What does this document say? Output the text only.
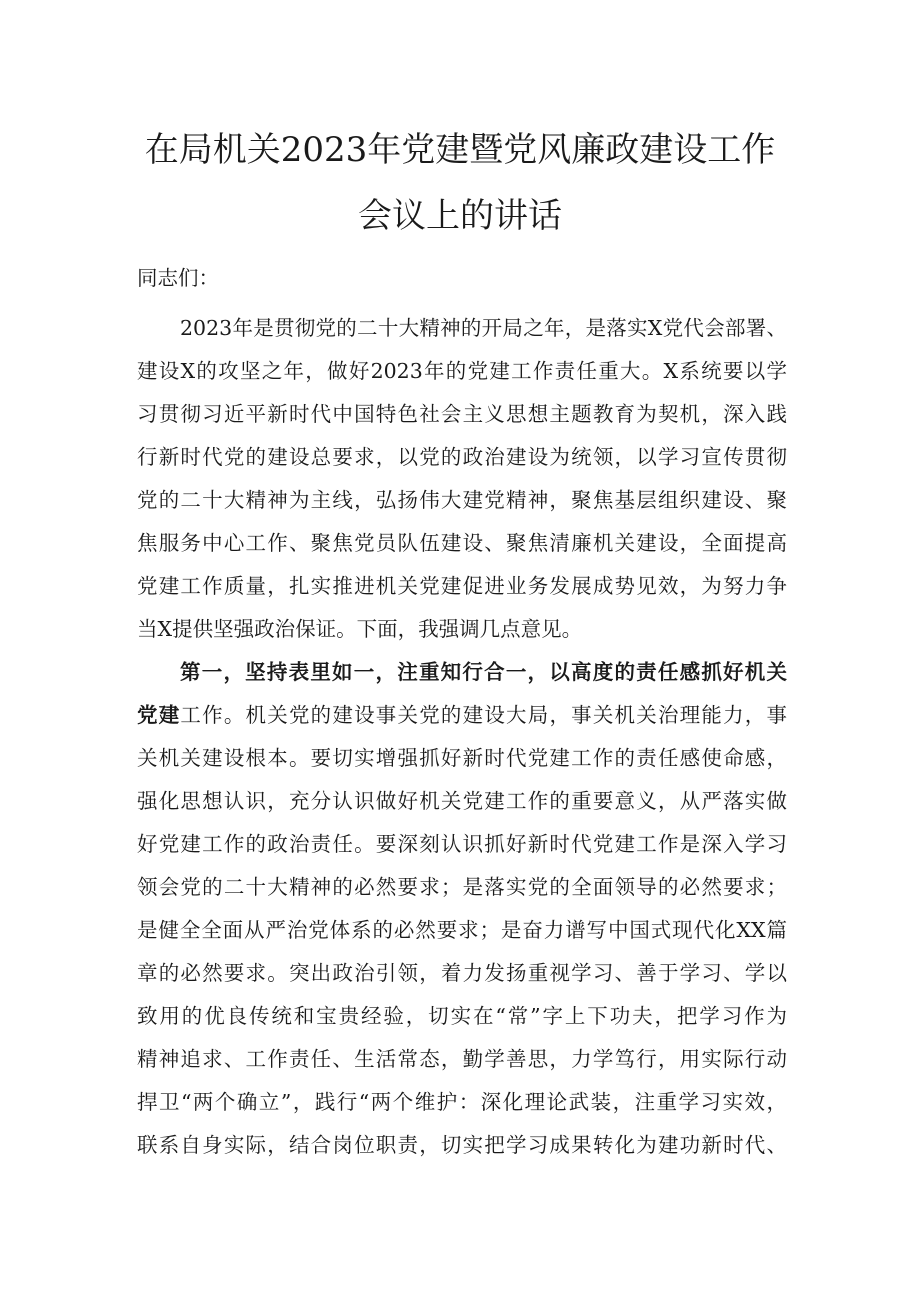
在局机关2023年党建暨党风廉政建设工作
会议上的讲话

同志们：

2023年是贯彻党的二十大精神的开局之年，是落实X党代会部署、

建设X的攻坚之年，做好2023年的党建工作责任重大。X系统要以学

习贯彻习近平新时代中国特色社会主义思想主题教育为契机，深入践

行新时代党的建设总要求，以党的政治建设为统领，以学习宣传贯彻

党的二十大精神为主线，弘扬伟大建党精神，聚焦基层组织建设、聚

焦服务中心工作、聚焦党员队伍建设、聚焦清廉机关建设，全面提高

党建工作质量，扎实推进机关党建促进业务发展成势见效，为努力争

当X提供坚强政治保证。下面，我强调几点意见。

第一，坚持表里如一，注重知行合一，以高度的责任感抓好机关

党建工作。机关党的建设事关党的建设大局，事关机关治理能力，事

关机关建设根本。要切实增强抓好新时代党建工作的责任感使命感，

强化思想认识，充分认识做好机关党建工作的重要意义，从严落实做

好党建工作的政治责任。要深刻认识抓好新时代党建工作是深入学习

领会党的二十大精神的必然要求；是落实党的全面领导的必然要求；

是健全全面从严治党体系的必然要求；是奋力谱写中国式现代化XX篇

章的必然要求。突出政治引领，着力发扬重视学习、善于学习、学以

致用的优良传统和宝贵经验，切实在“常”字上下功夫，把学习作为

精神追求、工作责任、生活常态，勤学善思，力学笃行，用实际行动

捍卫“两个确立”，践行“两个维护：深化理论武装，注重学习实效，

联系自身实际，结合岗位职责，切实把学习成果转化为建功新时代、
